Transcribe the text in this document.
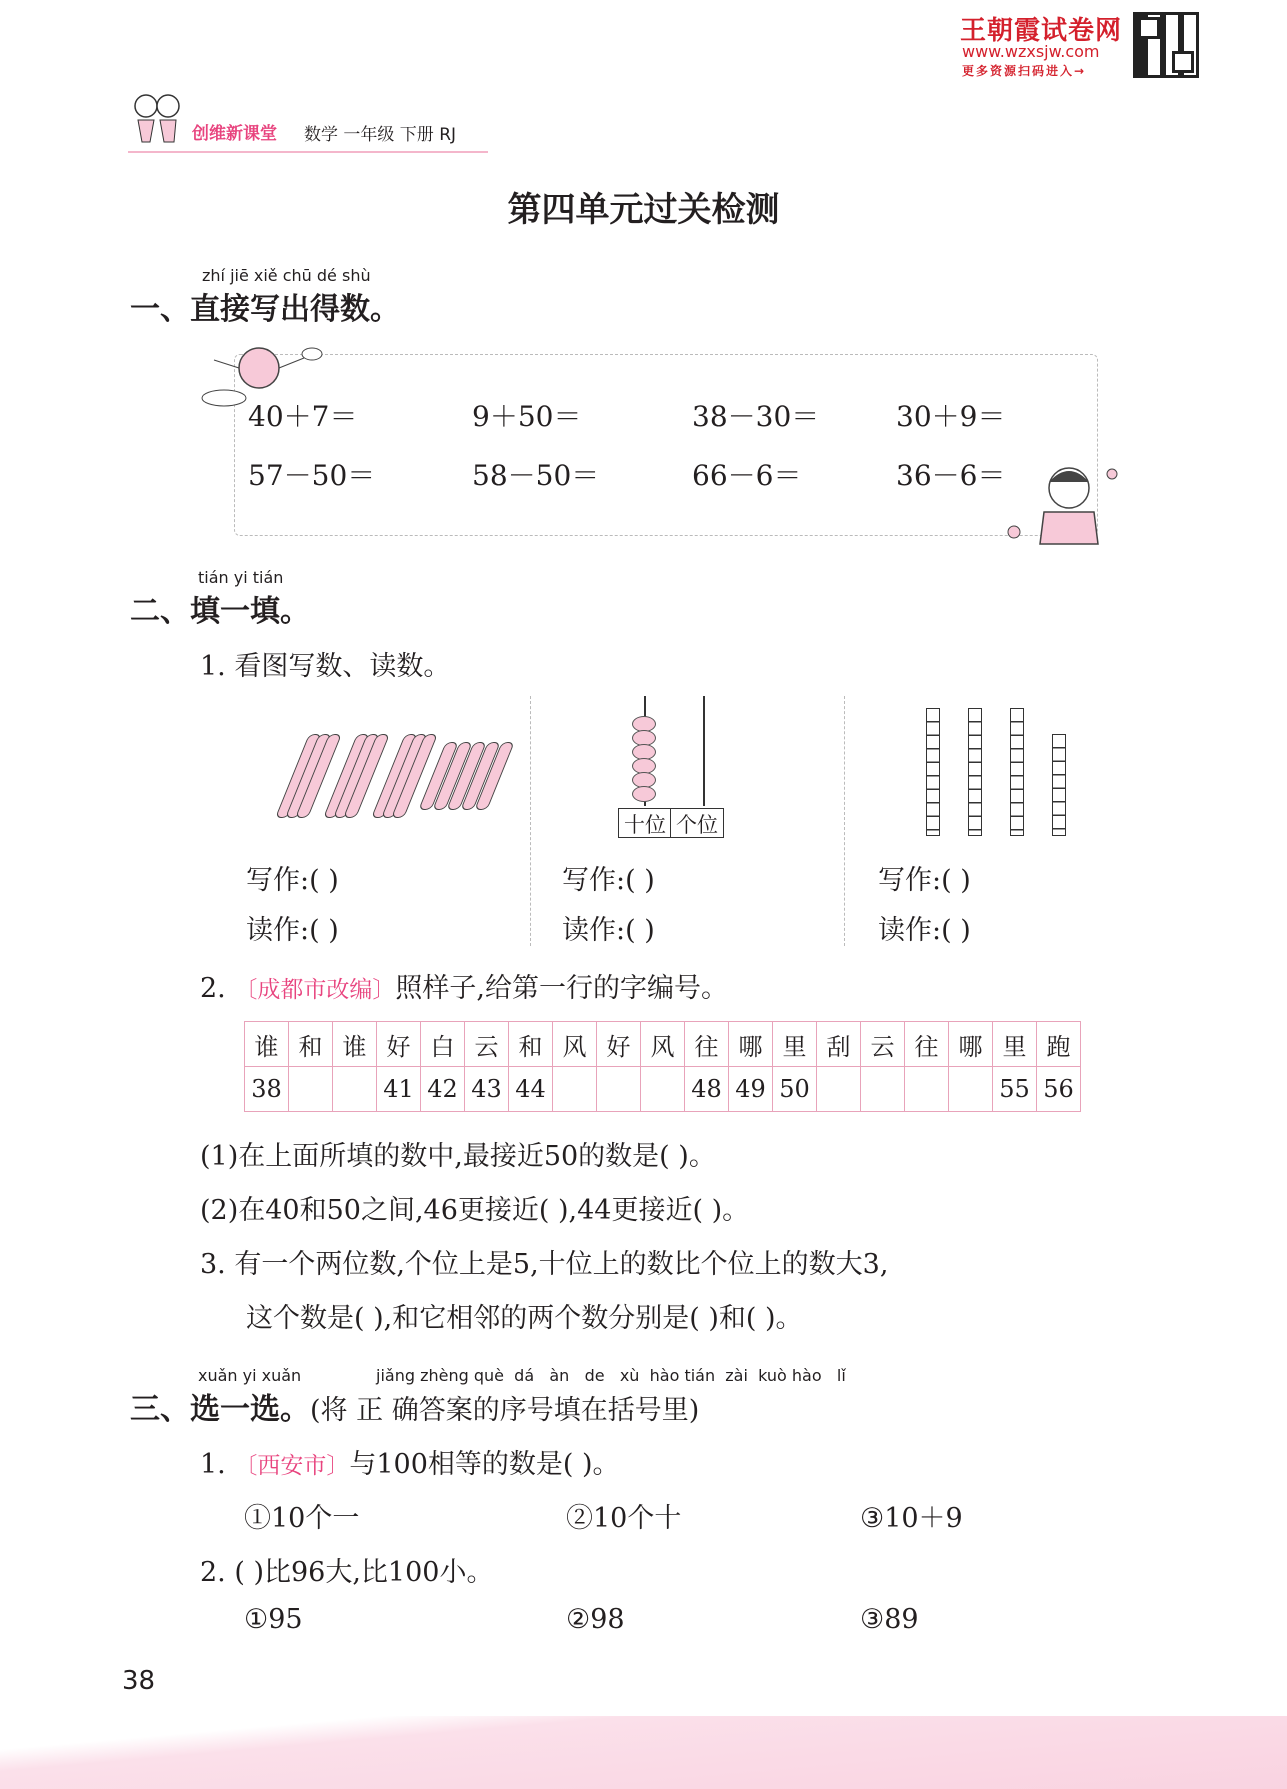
创维新课堂 数学 一年级 下册 RJ
王朝霞试卷网
www.wzxsjw.com
更多资源扫码进入→
第四单元过关检测
zhí jiē xiě chū dé shù
一、直接写出得数。
40＋7＝	9＋50＝	38－30＝	30＋9＝
57－50＝	58－50＝	66－6＝	36－6＝
tián yi tián
二、填一填。
1. 看图写数、读数。
十位 个位
写作:( )
读作:( )
写作:( )
读作:( )
写作:( )
读作:( )
2. 〔成都市改编〕照样子,给第一行的字编号。
谁	和	谁	好	白	云	和	风	好	风	往	哪	里	刮	云	往	哪	里	跑
38			41	42	43	44				48	49	50					55	56
(1)在上面所填的数中,最接近50的数是( )。
(2)在40和50之间,46更接近( ),44更接近( )。
3. 有一个两位数,个位上是5,十位上的数比个位上的数大3,
这个数是( ),和它相邻的两个数分别是( )和( )。
xuǎn yi xuǎn	jiǎng zhèng què  dá   àn   de   xù  hào tián  zài  kuò hào   lǐ
三、选一选。(将 正 确答案的序号填在括号里)
1. 〔西安市〕与100相等的数是( )。
①10个一	②10个十	③10＋9
2. ( )比96大,比100小。
①95	②98	③89
38
